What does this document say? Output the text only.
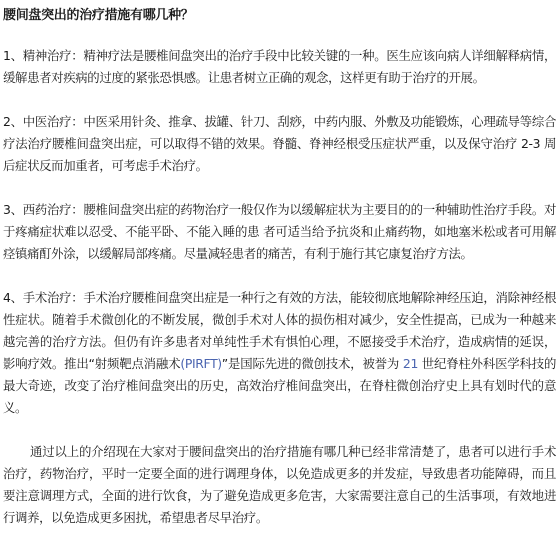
腰间盘突出的治疗措施有哪几种？

1、精神治疗：精神疗法是腰椎间盘突出的治疗手段中比较关键的一种。医生应该向病人详细解释病情，缓解患者对疾病的过度的紧张恐惧感。让患者树立正确的观念，这样更有助于治疗的开展。

2、中医治疗：中医采用针灸、推拿、拔罐、针刀、刮痧，中药内服、外敷及功能锻炼，心理疏导等综合疗法治疗腰椎间盘突出症，可以取得不错的效果。脊髓、脊神经根受压症状严重，以及保守治疗 2-3 周后症状反而加重者，可考虑手术治疗。

3、西药治疗：腰椎间盘突出症的药物治疗一般仅作为以缓解症状为主要目的的一种辅助性治疗手段。对于疼痛症状难以忍受、不能平卧、不能入睡的患 者可适当给予抗炎和止痛药物，如地塞米松或者可用解痉镇痛酊外涂，以缓解局部疼痛。尽量减轻患者的痛苦，有利于施行其它康复治疗方法。

4、手术治疗：手术治疗腰椎间盘突出症是一种行之有效的方法，能较彻底地解除神经压迫，消除神经根性症状。随着手术微创化的不断发展，微创手术对人体的损伤相对减少，安全性提高，已成为一种越来越完善的治疗方法。但仍有许多患者对单纯性手术有惧怕心理，不愿接受手术治疗，造成病情的延误，影响疗效。推出“射频靶点消融术(PIRFT)”是国际先进的微创技术，被誉为 21 世纪脊柱外科医学科技的最大奇迹，改变了治疗椎间盘突出的历史，高效治疗椎间盘突出，在脊柱微创治疗史上具有划时代的意义。

通过以上的介绍现在大家对于腰间盘突出的治疗措施有哪几种已经非常清楚了，患者可以进行手术治疗，药物治疗，平时一定要全面的进行调理身体，以免造成更多的并发症，导致患者功能障碍，而且要注意调理方式，全面的进行饮食，为了避免造成更多危害，大家需要注意自己的生活事项，有效地进行调养，以免造成更多困扰，希望患者尽早治疗。
